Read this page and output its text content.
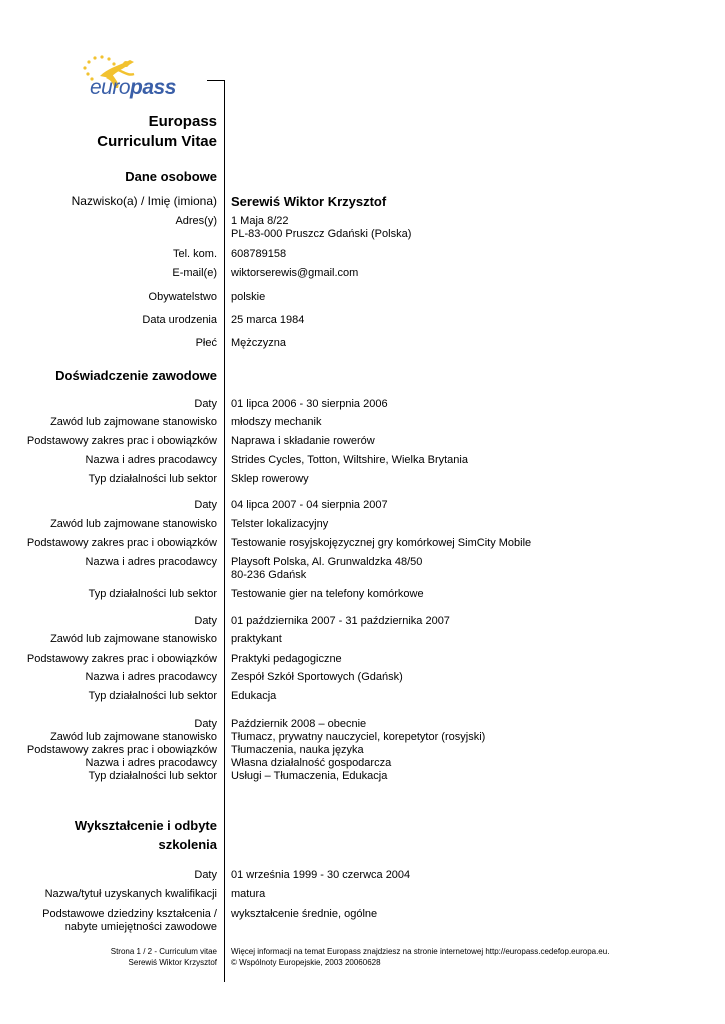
europass
Europass
Curriculum Vitae
Dane osobowe
Nazwisko(a) / Imię (imiona) Serewiś Wiktor Krzysztof
Adres(y) 1 Maja 8/22
PL-83-000 Pruszcz Gdański (Polska)
Tel. kom. 608789158
E-mail(e) wiktorserewis@gmail.com
Obywatelstwo polskie
Data urodzenia 25 marca 1984
Płeć Mężczyzna
Doświadczenie zawodowe
Daty 01 lipca 2006 - 30 sierpnia 2006
Zawód lub zajmowane stanowisko młodszy mechanik
Podstawowy zakres prac i obowiązków Naprawa i składanie rowerów
Nazwa i adres pracodawcy Strides Cycles, Totton, Wiltshire, Wielka Brytania
Typ działalności lub sektor Sklep rowerowy
Daty 04 lipca 2007 - 04 sierpnia 2007
Zawód lub zajmowane stanowisko Telster lokalizacyjny
Podstawowy zakres prac i obowiązków Testowanie rosyjskojęzycznej gry komórkowej SimCity Mobile
Nazwa i adres pracodawcy Playsoft Polska, Al. Grunwaldzka 48/50
80-236 Gdańsk
Typ działalności lub sektor Testowanie gier na telefony komórkowe
Daty 01 października 2007 - 31 października 2007
Zawód lub zajmowane stanowisko praktykant
Podstawowy zakres prac i obowiązków Praktyki pedagogiczne
Nazwa i adres pracodawcy Zespół Szkół Sportowych (Gdańsk)
Typ działalności lub sektor Edukacja
Daty Październik 2008 – obecnie
Zawód lub zajmowane stanowisko Tłumacz, prywatny nauczyciel, korepetytor (rosyjski)
Podstawowy zakres prac i obowiązków Tłumaczenia, nauka języka
Nazwa i adres pracodawcy Własna działalność gospodarcza
Typ działalności lub sektor Usługi – Tłumaczenia, Edukacja
Wykształcenie i odbyte
szkolenia
Daty 01 września 1999 - 30 czerwca 2004
Nazwa/tytuł uzyskanych kwalifikacji matura
Podstawowe dziedziny kształcenia /
nabyte umiejętności zawodowe
wykształcenie średnie, ogólne
Strona 1 / 2 - Curriculum vitae
Serewiś Wiktor Krzysztof
Więcej informacji na temat Europass znajdziesz na stronie internetowej http://europass.cedefop.europa.eu.
© Wspólnoty Europejskie, 2003 20060628
